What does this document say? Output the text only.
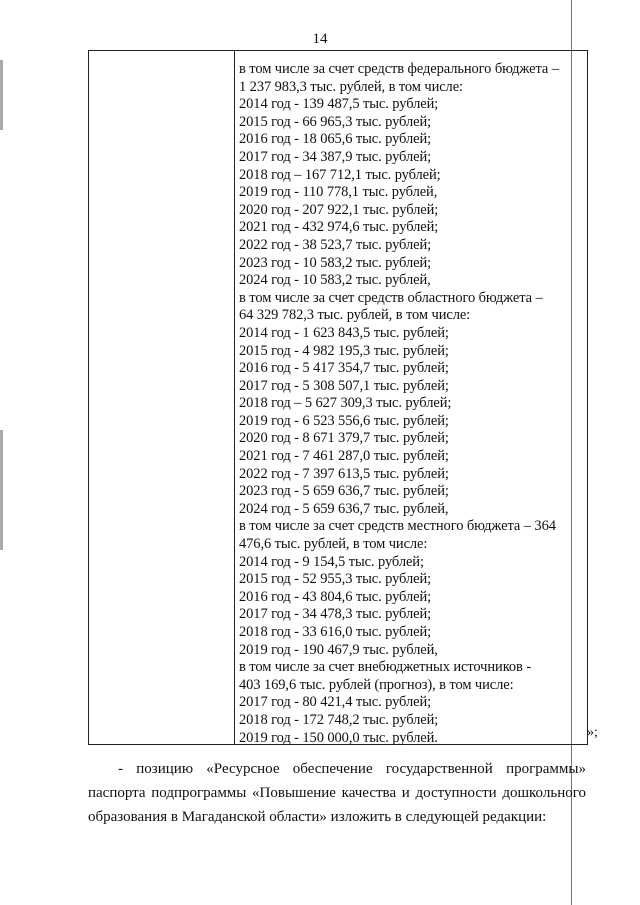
14
в том числе за счет средств федерального бюджета –
1 237 983,3 тыс. рублей, в том числе:
2014 год - 139 487,5 тыс. рублей;
2015 год - 66 965,3 тыс. рублей;
2016 год - 18 065,6 тыс. рублей;
2017 год - 34 387,9 тыс. рублей;
2018 год – 167 712,1 тыс. рублей;
2019 год - 110 778,1 тыс. рублей,
2020 год - 207 922,1 тыс. рублей;
2021 год - 432 974,6 тыс. рублей;
2022 год - 38 523,7 тыс. рублей;
2023 год - 10 583,2 тыс. рублей;
2024 год - 10 583,2 тыс. рублей,
в том числе за счет средств областного бюджета –
64 329 782,3 тыс. рублей, в том числе:
2014 год - 1 623 843,5 тыс. рублей;
2015 год - 4 982 195,3 тыс. рублей;
2016 год - 5 417 354,7 тыс. рублей;
2017 год - 5 308 507,1 тыс. рублей;
2018 год – 5 627 309,3 тыс. рублей;
2019 год - 6 523 556,6 тыс. рублей;
2020 год - 8 671 379,7 тыс. рублей;
2021 год - 7 461 287,0 тыс. рублей;
2022 год - 7 397 613,5 тыс. рублей;
2023 год - 5 659 636,7 тыс. рублей;
2024 год - 5 659 636,7 тыс. рублей,
в том числе за счет средств местного бюджета – 364
476,6 тыс. рублей, в том числе:
2014 год - 9 154,5 тыс. рублей;
2015 год - 52 955,3 тыс. рублей;
2016 год - 43 804,6 тыс. рублей;
2017 год - 34 478,3 тыс. рублей;
2018 год - 33 616,0 тыс. рублей;
2019 год - 190 467,9 тыс. рублей,
в том числе за счет внебюджетных источников -
403 169,6 тыс. рублей (прогноз), в том числе:
2017 год - 80 421,4 тыс. рублей;
2018 год - 172 748,2 тыс. рублей;
2019 год - 150 000,0 тыс. рублей.	»;
- позицию «Ресурсное обеспечение государственной программы»
паспорта подпрограммы «Повышение качества и доступности дошкольного
образования в Магаданской области» изложить в следующей редакции:
